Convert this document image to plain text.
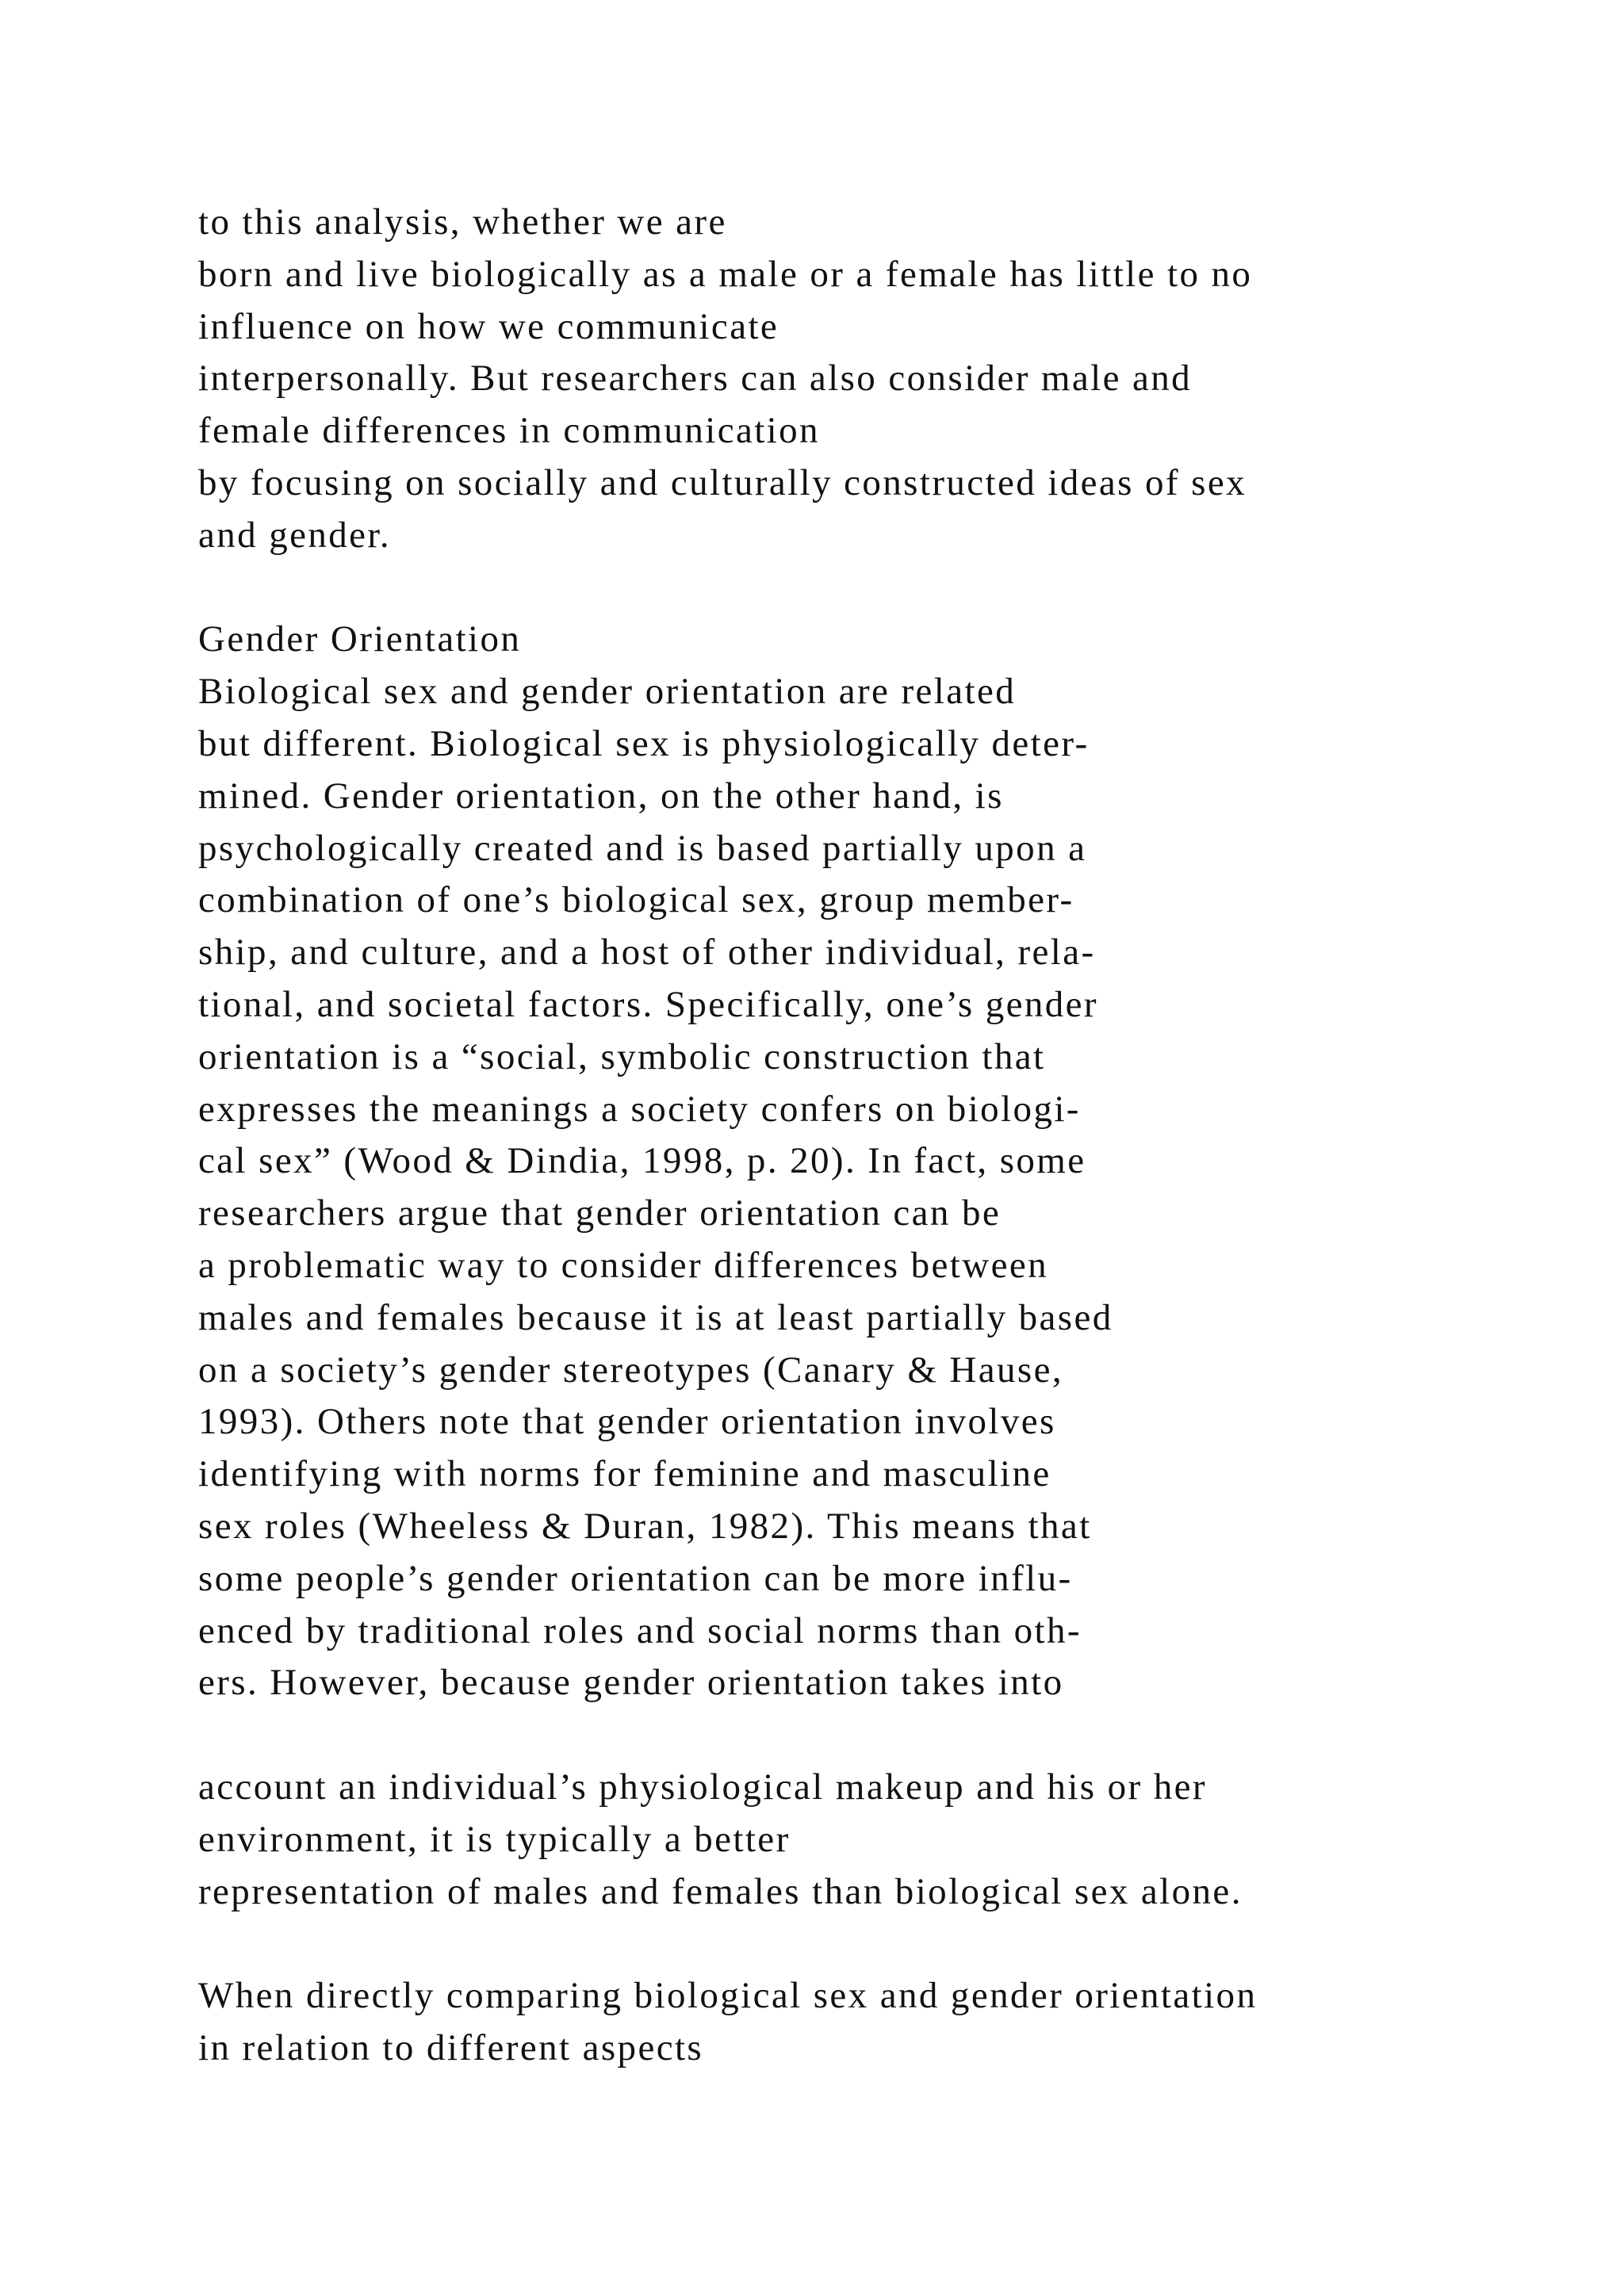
to this analysis, whether we are
born and live biologically as a male or a female has little to no
influence on how we communicate
interpersonally. But researchers can also consider male and
female differences in communication
by focusing on socially and culturally constructed ideas of sex
and gender.
Gender Orientation
Biological sex and gender orientation are related
but different. Biological sex is physiologically deter-
mined. Gender orientation, on the other hand, is
psychologically created and is based partially upon a
combination of one’s biological sex, group member-
ship, and culture, and a host of other individual, rela-
tional, and societal factors. Specifically, one’s gender
orientation is a “social, symbolic construction that
expresses the meanings a society confers on biologi-
cal sex” (Wood & Dindia, 1998, p. 20). In fact, some
researchers argue that gender orientation can be
a problematic way to consider differences between
males and females because it is at least partially based
on a society’s gender stereotypes (Canary & Hause,
1993). Others note that gender orientation involves
identifying with norms for feminine and masculine
sex roles (Wheeless & Duran, 1982). This means that
some people’s gender orientation can be more influ-
enced by traditional roles and social norms than oth-
ers. However, because gender orientation takes into
account an individual’s physiological makeup and his or her
environment, it is typically a better
representation of males and females than biological sex alone.
When directly comparing biological sex and gender orientation
in relation to different aspects
